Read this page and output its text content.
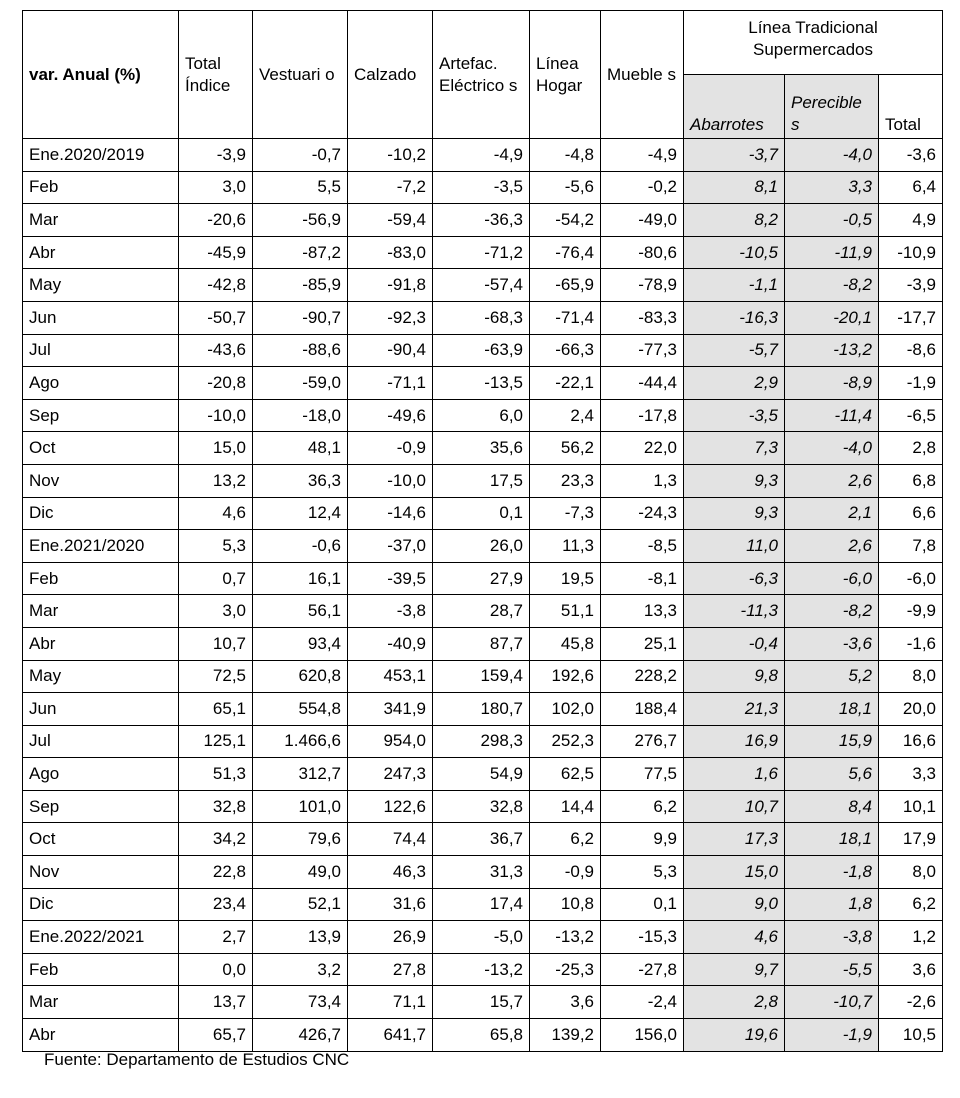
var. Anual (%)	Total Índice	Vestuari o	Calzado	Artefac. Eléctrico s	Línea Hogar	Mueble s	Línea Tradicional Supermercados		
							Abarrotes	Perecible s	Total
Ene.2020/2019	-3,9	-0,7	-10,2	-4,9	-4,8	-4,9	-3,7	-4,0	-3,6
Feb	3,0	5,5	-7,2	-3,5	-5,6	-0,2	8,1	3,3	6,4
Mar	-20,6	-56,9	-59,4	-36,3	-54,2	-49,0	8,2	-0,5	4,9
Abr	-45,9	-87,2	-83,0	-71,2	-76,4	-80,6	-10,5	-11,9	-10,9
May	-42,8	-85,9	-91,8	-57,4	-65,9	-78,9	-1,1	-8,2	-3,9
Jun	-50,7	-90,7	-92,3	-68,3	-71,4	-83,3	-16,3	-20,1	-17,7
Jul	-43,6	-88,6	-90,4	-63,9	-66,3	-77,3	-5,7	-13,2	-8,6
Ago	-20,8	-59,0	-71,1	-13,5	-22,1	-44,4	2,9	-8,9	-1,9
Sep	-10,0	-18,0	-49,6	6,0	2,4	-17,8	-3,5	-11,4	-6,5
Oct	15,0	48,1	-0,9	35,6	56,2	22,0	7,3	-4,0	2,8
Nov	13,2	36,3	-10,0	17,5	23,3	1,3	9,3	2,6	6,8
Dic	4,6	12,4	-14,6	0,1	-7,3	-24,3	9,3	2,1	6,6
Ene.2021/2020	5,3	-0,6	-37,0	26,0	11,3	-8,5	11,0	2,6	7,8
Feb	0,7	16,1	-39,5	27,9	19,5	-8,1	-6,3	-6,0	-6,0
Mar	3,0	56,1	-3,8	28,7	51,1	13,3	-11,3	-8,2	-9,9
Abr	10,7	93,4	-40,9	87,7	45,8	25,1	-0,4	-3,6	-1,6
May	72,5	620,8	453,1	159,4	192,6	228,2	9,8	5,2	8,0
Jun	65,1	554,8	341,9	180,7	102,0	188,4	21,3	18,1	20,0
Jul	125,1	1.466,6	954,0	298,3	252,3	276,7	16,9	15,9	16,6
Ago	51,3	312,7	247,3	54,9	62,5	77,5	1,6	5,6	3,3
Sep	32,8	101,0	122,6	32,8	14,4	6,2	10,7	8,4	10,1
Oct	34,2	79,6	74,4	36,7	6,2	9,9	17,3	18,1	17,9
Nov	22,8	49,0	46,3	31,3	-0,9	5,3	15,0	-1,8	8,0
Dic	23,4	52,1	31,6	17,4	10,8	0,1	9,0	1,8	6,2
Ene.2022/2021	2,7	13,9	26,9	-5,0	-13,2	-15,3	4,6	-3,8	1,2
Feb	0,0	3,2	27,8	-13,2	-25,3	-27,8	9,7	-5,5	3,6
Mar	13,7	73,4	71,1	15,7	3,6	-2,4	2,8	-10,7	-2,6
Abr	65,7	426,7	641,7	65,8	139,2	156,0	19,6	-1,9	10,5
Fuente: Departamento de Estudios CNC
